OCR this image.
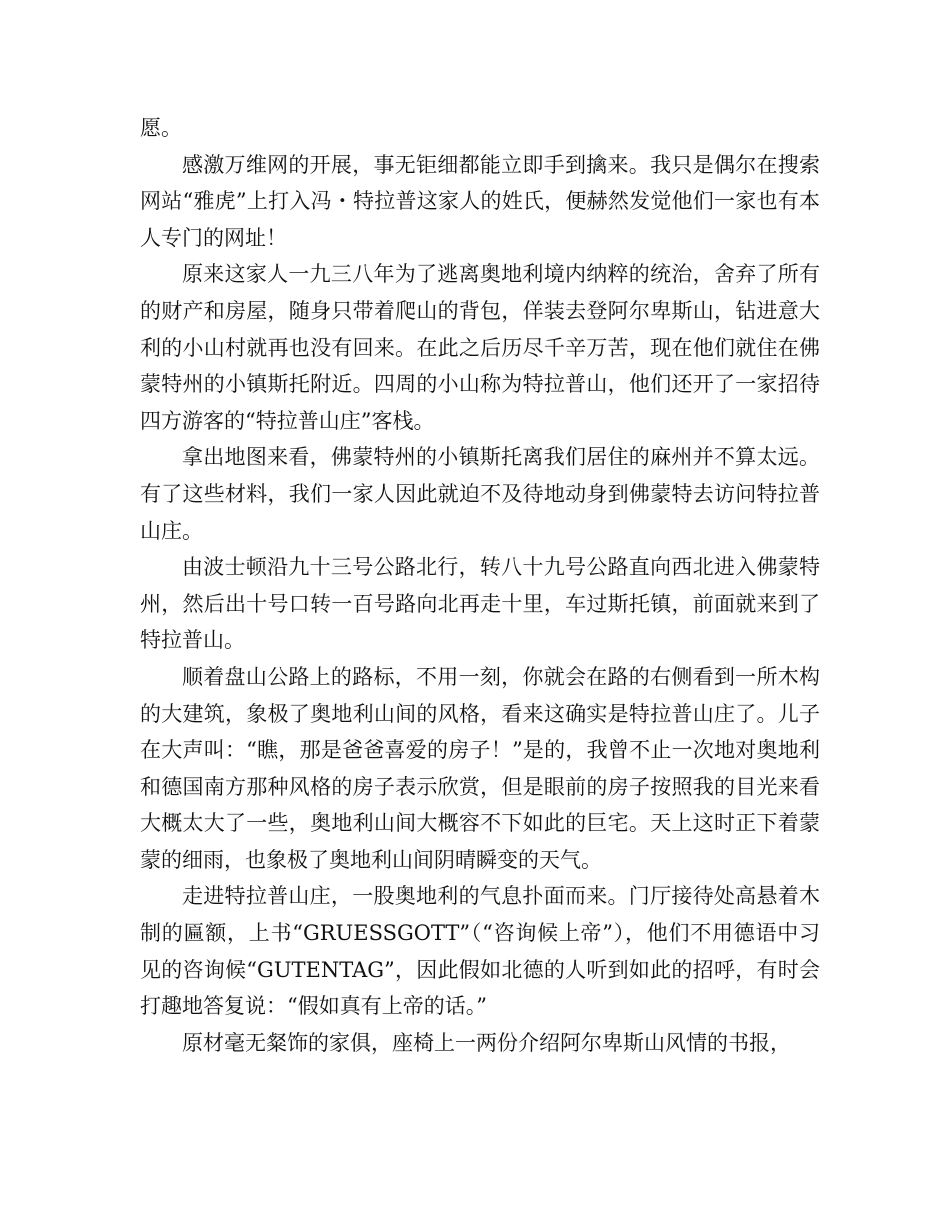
愿。

感激万维网的开展，事无钜细都能立即手到擒来。我只是偶尔在搜索网站“雅虎”上打入冯・特拉普这家人的姓氏，便赫然发觉他们一家也有本人专门的网址！

原来这家人一九三八年为了逃离奥地利境内纳粹的统治，舍弃了所有的财产和房屋，随身只带着爬山的背包，佯装去登阿尔卑斯山，钻进意大利的小山村就再也没有回来。在此之后历尽千辛万苦，现在他们就住在佛蒙特州的小镇斯托附近。四周的小山称为特拉普山，他们还开了一家招待四方游客的“特拉普山庄”客栈。

拿出地图来看，佛蒙特州的小镇斯托离我们居住的麻州并不算太远。有了这些材料，我们一家人因此就迫不及待地动身到佛蒙特去访问特拉普山庄。

由波士顿沿九十三号公路北行，转八十九号公路直向西北进入佛蒙特州，然后出十号口转一百号路向北再走十里，车过斯托镇，前面就来到了特拉普山。

顺着盘山公路上的路标，不用一刻，你就会在路的右侧看到一所木构的大建筑，象极了奥地利山间的风格，看来这确实是特拉普山庄了。儿子在大声叫：“瞧，那是爸爸喜爱的房子！”是的，我曾不止一次地对奥地利和德国南方那种风格的房子表示欣赏，但是眼前的房子按照我的目光来看大概太大了一些，奥地利山间大概容不下如此的巨宅。天上这时正下着蒙蒙的细雨，也象极了奥地利山间阴晴瞬变的天气。

走进特拉普山庄，一股奥地利的气息扑面而来。门厅接待处高悬着木制的匾额，上书“GRUESSGOTT”（“咨询候上帝”），他们不用德语中习见的咨询候“GUTENTAG”，因此假如北德的人听到如此的招呼，有时会打趣地答复说：“假如真有上帝的话。”

原材毫无粲饰的家俱，座椅上一两份介绍阿尔卑斯山风情的书报，
